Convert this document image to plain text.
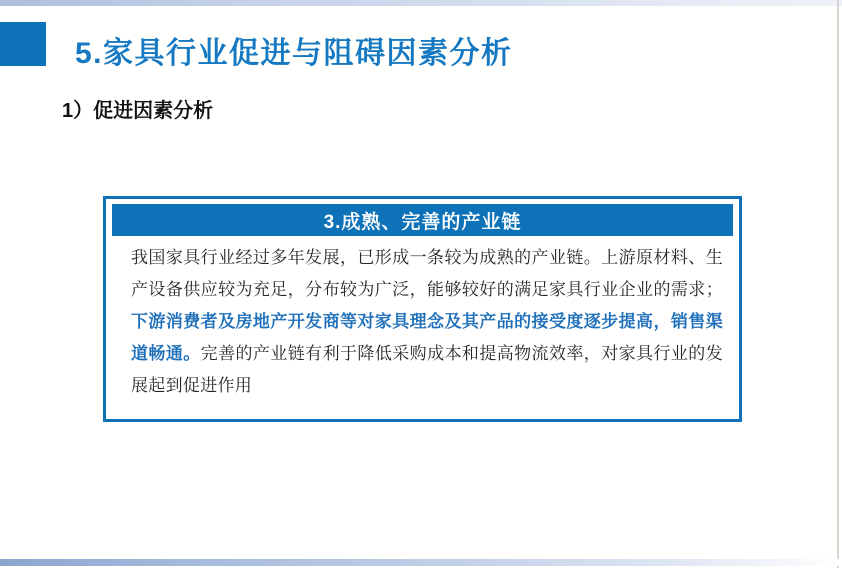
5.家具行业促进与阻碍因素分析
1）促进因素分析
3.成熟、完善的产业链

我国家具行业经过多年发展，已形成一条较为成熟的产业链。上游原材料、生产设备供应较为充足，分布较为广泛，能够较好的满足家具行业企业的需求；下游消费者及房地产开发商等对家具理念及其产品的接受度逐步提高，销售渠道畅通。完善的产业链有利于降低采购成本和提高物流效率，对家具行业的发展起到促进作用
